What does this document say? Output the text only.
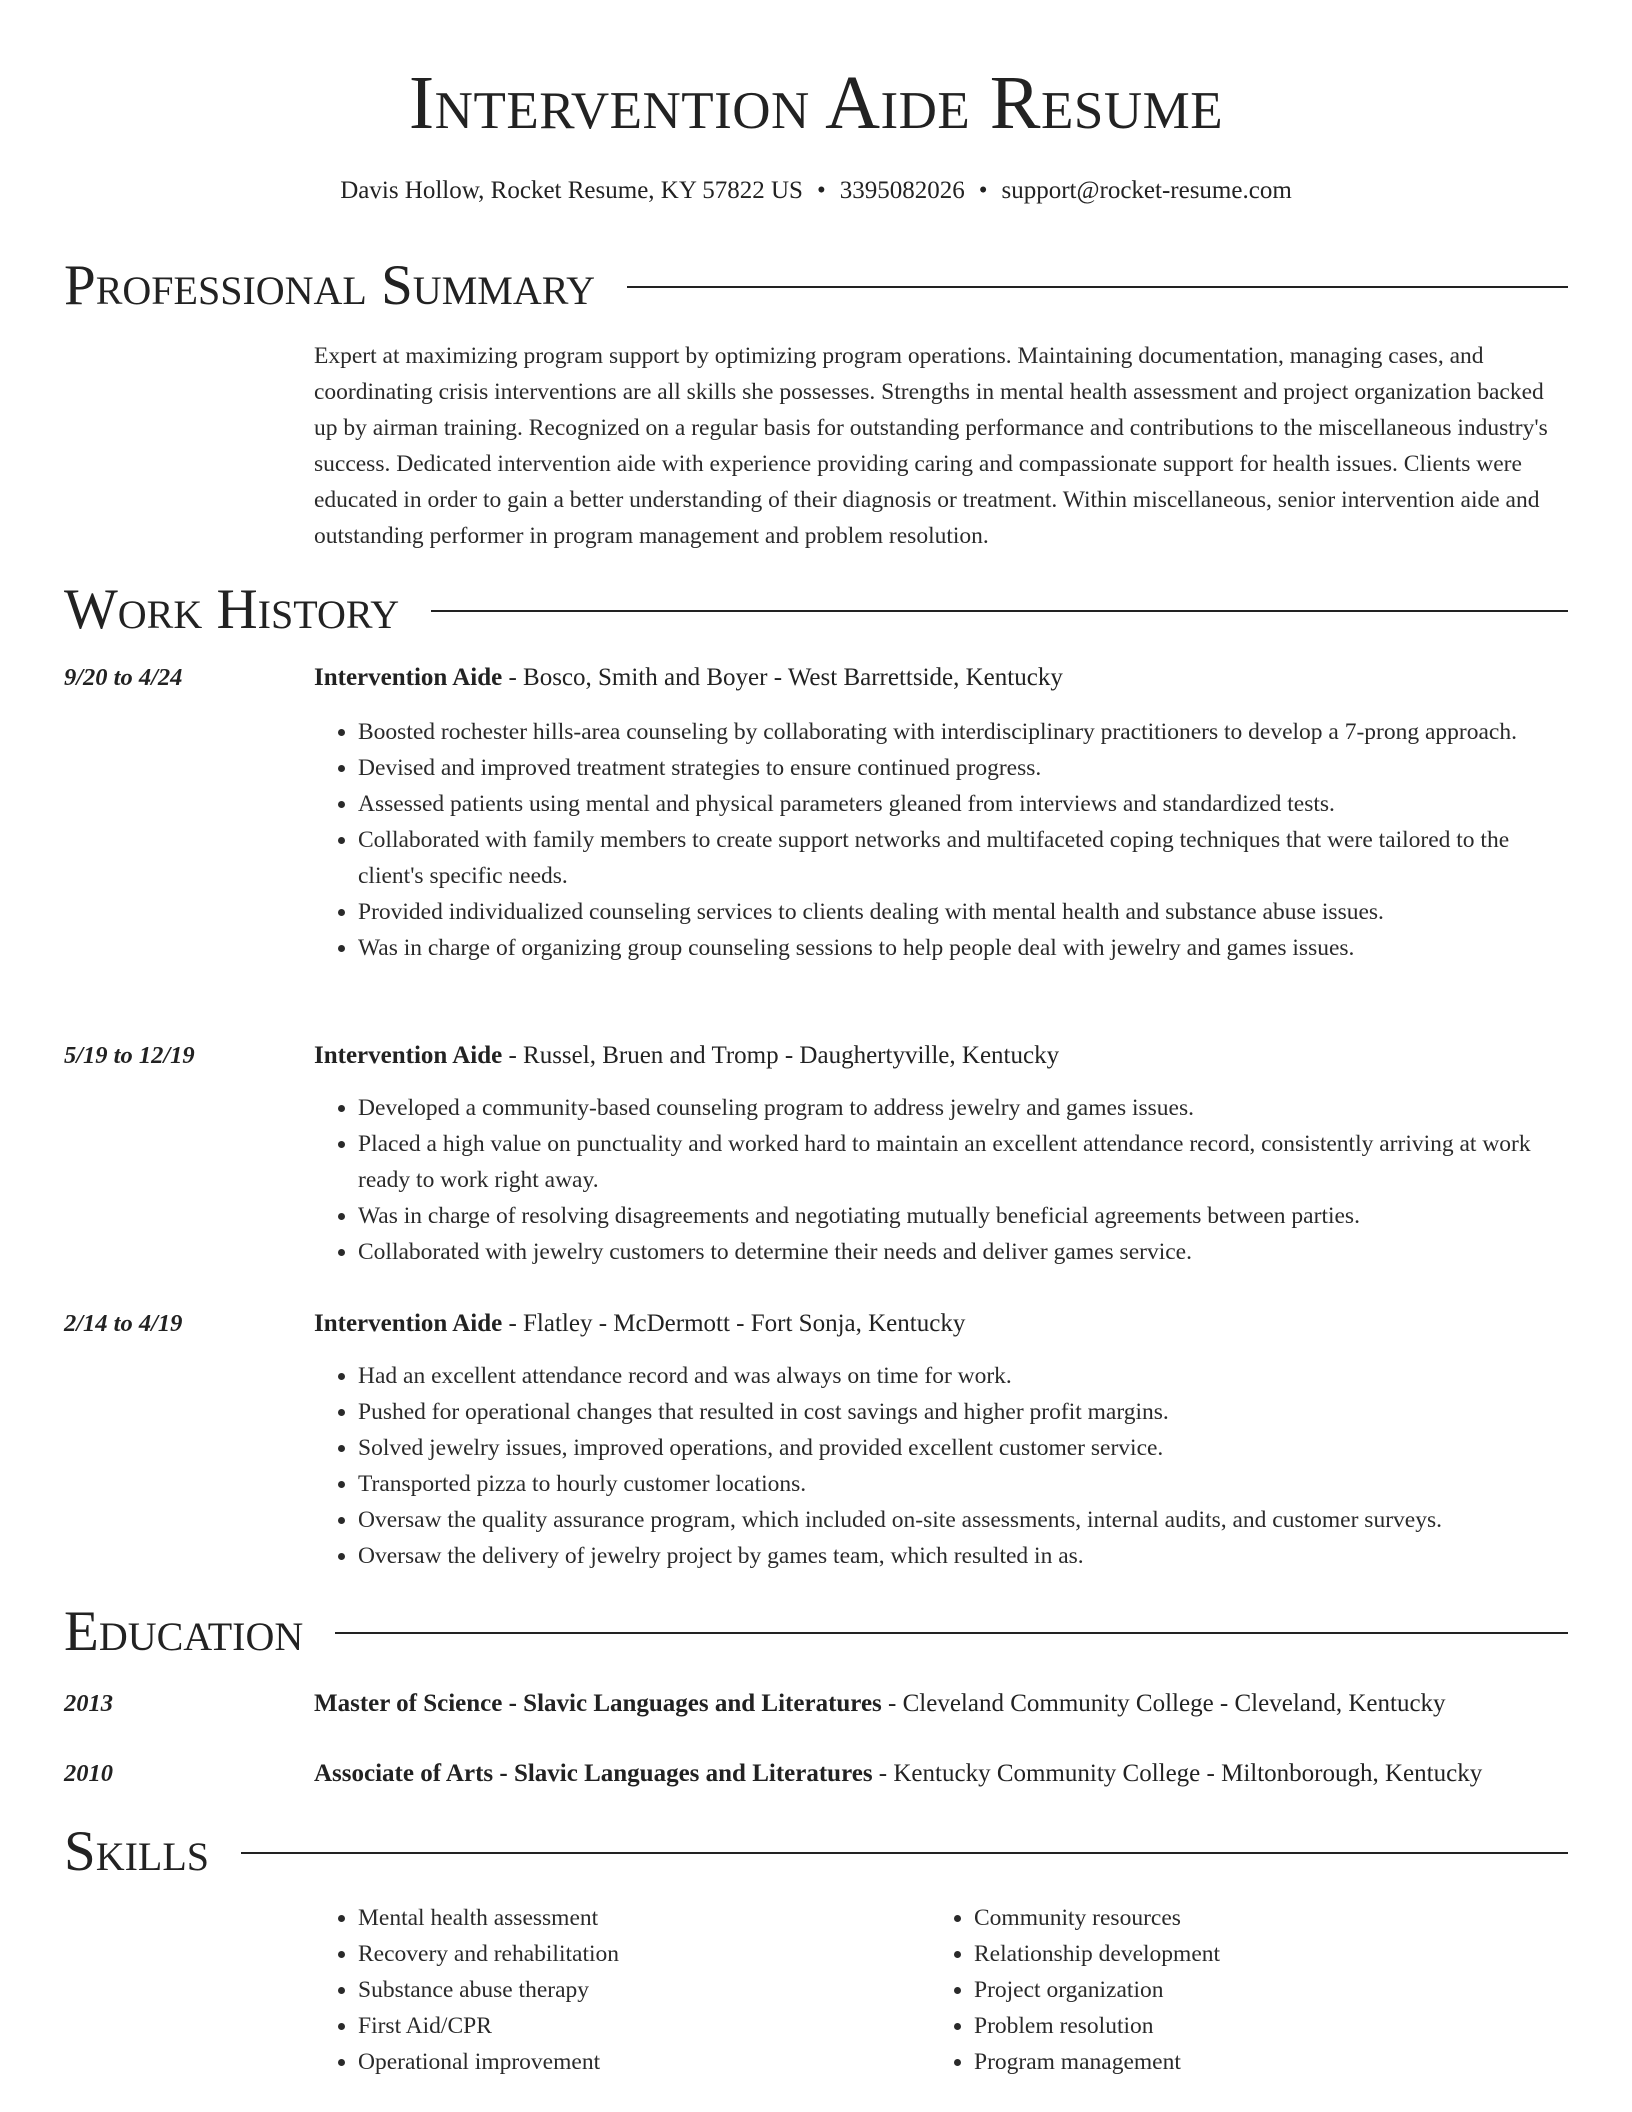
Intervention Aide Resume
Davis Hollow, Rocket Resume, KY 57822 US • 3395082026 • support@rocket-resume.com
Professional Summary
Expert at maximizing program support by optimizing program operations. Maintaining documentation, managing cases, and coordinating crisis interventions are all skills she possesses. Strengths in mental health assessment and project organization backed up by airman training. Recognized on a regular basis for outstanding performance and contributions to the miscellaneous industry's success. Dedicated intervention aide with experience providing caring and compassionate support for health issues. Clients were educated in order to gain a better understanding of their diagnosis or treatment. Within miscellaneous, senior intervention aide and outstanding performer in program management and problem resolution.
Work History
9/20 to 4/24	Intervention Aide - Bosco, Smith and Boyer - West Barrettside, Kentucky
• Boosted rochester hills-area counseling by collaborating with interdisciplinary practitioners to develop a 7-prong approach.
• Devised and improved treatment strategies to ensure continued progress.
• Assessed patients using mental and physical parameters gleaned from interviews and standardized tests.
• Collaborated with family members to create support networks and multifaceted coping techniques that were tailored to the client's specific needs.
• Provided individualized counseling services to clients dealing with mental health and substance abuse issues.
• Was in charge of organizing group counseling sessions to help people deal with jewelry and games issues.
5/19 to 12/19	Intervention Aide - Russel, Bruen and Tromp - Daughertyville, Kentucky
• Developed a community-based counseling program to address jewelry and games issues.
• Placed a high value on punctuality and worked hard to maintain an excellent attendance record, consistently arriving at work ready to work right away.
• Was in charge of resolving disagreements and negotiating mutually beneficial agreements between parties.
• Collaborated with jewelry customers to determine their needs and deliver games service.
2/14 to 4/19	Intervention Aide - Flatley - McDermott - Fort Sonja, Kentucky
• Had an excellent attendance record and was always on time for work.
• Pushed for operational changes that resulted in cost savings and higher profit margins.
• Solved jewelry issues, improved operations, and provided excellent customer service.
• Transported pizza to hourly customer locations.
• Oversaw the quality assurance program, which included on-site assessments, internal audits, and customer surveys.
• Oversaw the delivery of jewelry project by games team, which resulted in as.
Education
2013	Master of Science - Slavic Languages and Literatures - Cleveland Community College - Cleveland, Kentucky
2010	Associate of Arts - Slavic Languages and Literatures - Kentucky Community College - Miltonborough, Kentucky
Skills
• Mental health assessment
• Recovery and rehabilitation
• Substance abuse therapy
• First Aid/CPR
• Operational improvement
• Community resources
• Relationship development
• Project organization
• Problem resolution
• Program management
